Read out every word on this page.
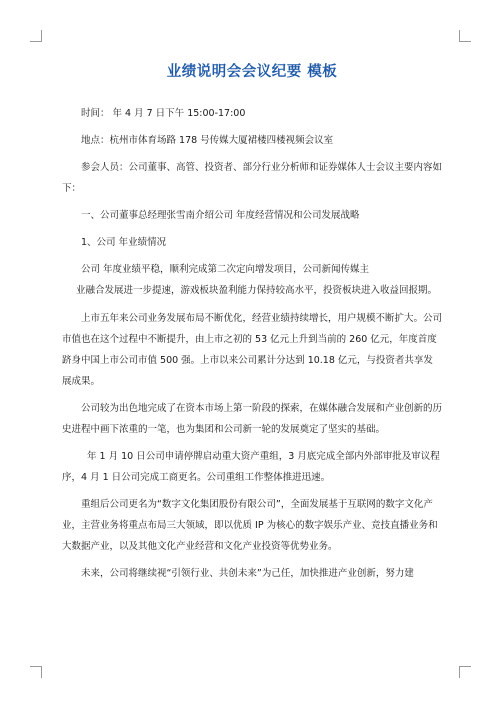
业绩说明会会议纪要 模板

时间： 年 4 月 7 日下午 15:00-17:00

地点：杭州市体育场路 178 号传媒大厦裙楼四楼视频会议室

参会人员：公司董事、高管、投资者、部分行业分析师和证券媒体人士会议主要内容如下：

一、公司董事总经理张雪南介绍公司 年度经营情况和公司发展战略

1、公司 年业绩情况

公司 年度业绩平稳，顺利完成第二次定向增发项目，公司新闻传媒主

业融合发展进一步提速，游戏板块盈利能力保持较高水平，投资板块进入收益回报期。

上市五年来公司业务发展布局不断优化，经营业绩持续增长，用户规模不断扩大。公司市值也在这个过程中不断提升，由上市之初的 53 亿元上升到当前的 260 亿元，年度首度跻身中国上市公司市值 500 强。上市以来公司累计分达到 10.18 亿元，与投资者共享发展成果。

公司较为出色地完成了在资本市场上第一阶段的探索，在媒体融合发展和产业创新的历史进程中画下浓重的一笔，也为集团和公司新一轮的发展奠定了坚实的基础。

年 1 月 10 日公司申请停牌启动重大资产重组，3 月底完成全部内外部审批及审议程序，4 月 1 日公司完成工商更名。公司重组工作整体推进迅速。

重组后公司更名为“数字文化集团股份有限公司”，全面发展基于互联网的数字文化产业，主营业务将重点布局三大领域，即以优质 IP 为核心的数字娱乐产业、竞技直播业务和大数据产业，以及其他文化产业经营和文化产业投资等优势业务。

未来，公司将继续视“引领行业、共创未来”为己任，加快推进产业创新，努力建
